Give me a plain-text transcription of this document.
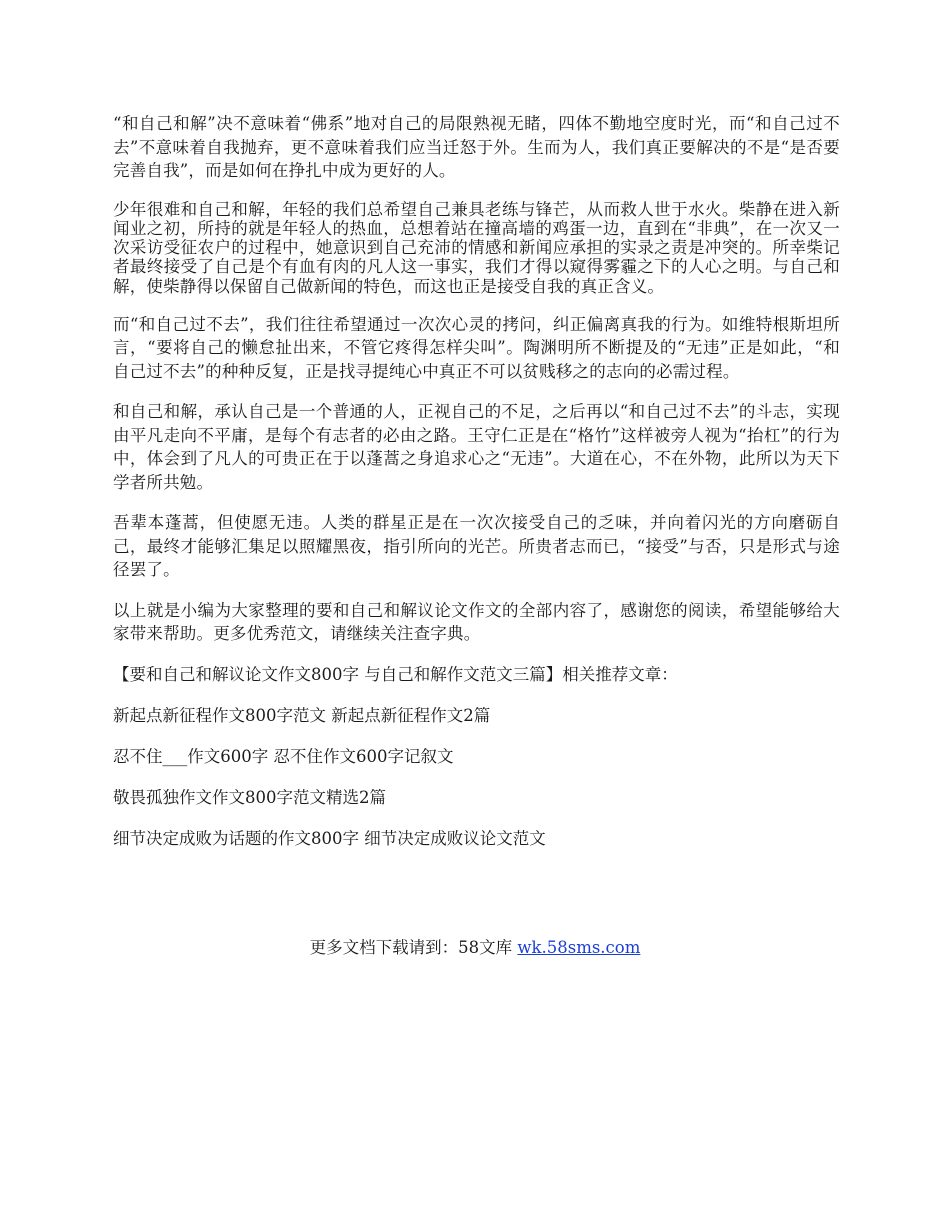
“和自己和解”决不意味着“佛系”地对自己的局限熟视无睹，四体不勤地空度时光，而“和自己过不去”不意味着自我抛弃，更不意味着我们应当迁怒于外。生而为人，我们真正要解决的不是“是否要完善自我”，而是如何在挣扎中成为更好的人。

少年很难和自己和解，年轻的我们总希望自己兼具老练与锋芒，从而救人世于水火。柴静在进入新闻业之初，所持的就是年轻人的热血，总想着站在撞高墙的鸡蛋一边，直到在“非典”，在一次又一次采访受征农户的过程中，她意识到自己充沛的情感和新闻应承担的实录之责是冲突的。所幸柴记者最终接受了自己是个有血有肉的凡人这一事实，我们才得以窥得雾霾之下的人心之明。与自己和解，使柴静得以保留自己做新闻的特色，而这也正是接受自我的真正含义。

而“和自己过不去”，我们往往希望通过一次次心灵的拷问，纠正偏离真我的行为。如维特根斯坦所言，“要将自己的懒怠扯出来，不管它疼得怎样尖叫”。陶渊明所不断提及的“无违”正是如此，“和自己过不去”的种种反复，正是找寻提纯心中真正不可以贫贱移之的志向的必需过程。

和自己和解，承认自己是一个普通的人，正视自己的不足，之后再以“和自己过不去”的斗志，实现由平凡走向不平庸，是每个有志者的必由之路。王守仁正是在“格竹”这样被旁人视为“抬杠”的行为中，体会到了凡人的可贵正在于以蓬蒿之身追求心之“无违”。大道在心，不在外物，此所以为天下学者所共勉。

吾辈本蓬蒿，但使愿无违。人类的群星正是在一次次接受自己的乏味，并向着闪光的方向磨砺自己，最终才能够汇集足以照耀黑夜，指引所向的光芒。所贵者志而已，“接受”与否，只是形式与途径罢了。

以上就是小编为大家整理的要和自己和解议论文作文的全部内容了，感谢您的阅读，希望能够给大家带来帮助。更多优秀范文，请继续关注查字典。

【要和自己和解议论文作文800字 与自己和解作文范文三篇】相关推荐文章：

新起点新征程作文800字范文 新起点新征程作文2篇

忍不住___作文600字 忍不住作文600字记叙文

敬畏孤独作文作文800字范文精选2篇

细节决定成败为话题的作文800字 细节决定成败议论文范文

更多文档下载请到：58文库 wk.58sms.com
